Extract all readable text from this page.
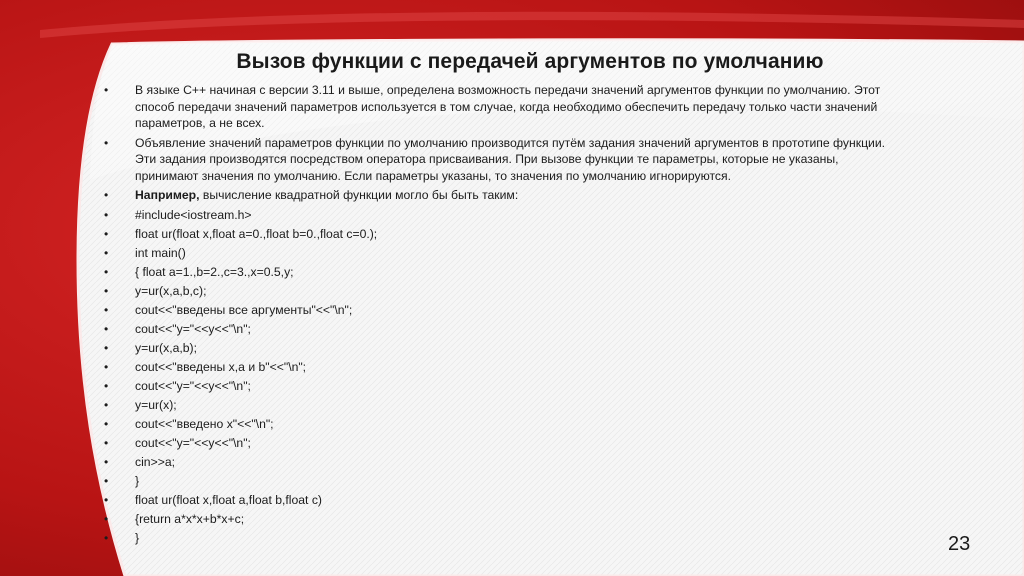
Вызов функции с передачей аргументов по умолчанию
• В языке С++ начиная с версии 3.11 и выше, определена возможность передачи значений аргументов функции по умолчанию. Этот способ передачи значений параметров используется в том случае, когда необходимо обеспечить передачу только части значений параметров, а не всех.
• Объявление значений параметров функции по умолчанию производится путём задания значений аргументов в прототипе функции. Эти задания производятся посредством оператора присваивания. При вызове функции те параметры, которые не указаны, принимают значения по умолчанию. Если параметры указаны, то значения по умолчанию игнорируются.
• Например, вычисление квадратной функции могло бы быть таким:
• #include<iostream.h>
• float ur(float x,float a=0.,float b=0.,float c=0.);
• int main()
• { float a=1.,b=2.,c=3.,x=0.5,y;
• y=ur(x,a,b,c);
• cout<<"введены все аргументы"<<"\n";
• cout<<"y="<<y<<"\n";
• y=ur(x,a,b);
• cout<<"введены x,a и b"<<"\n";
• cout<<"y="<<y<<"\n";
• y=ur(x);
• cout<<"введено x"<<"\n";
• cout<<"y="<<y<<"\n";
• cin>>a;
• }
• float ur(float x,float a,float b,float c)
• {return a*x*x+b*x+c;
• }	23
